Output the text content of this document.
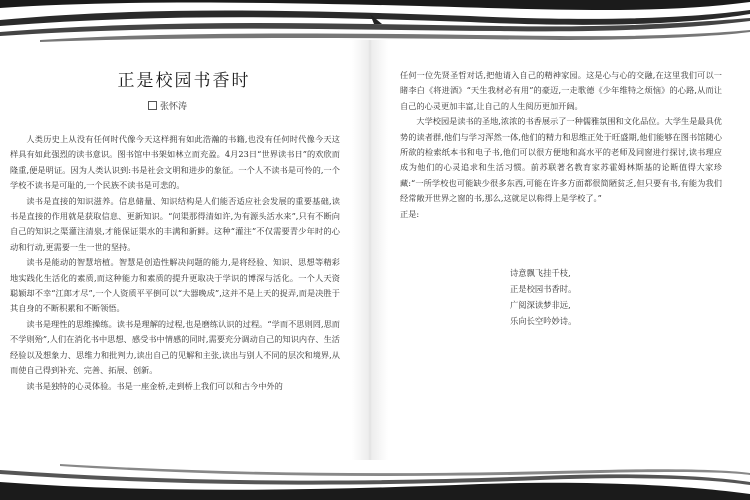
正是校园书香时
张怀涛

人类历史上从没有任何时代像今天这样拥有如此浩瀚的书籍,也没有任何时代像今天这样具有如此强烈的读书意识。图书馆中书架如林立而充盈。4月23日“世界读书日”的欢欣而隆重,便是明证。因为人类认识到:书是社会文明和进步的象征。一个人不读书是可怜的,一个学校不读书是可耻的,一个民族不读书是可悲的。

读书是直接的知识滋养。信息储量、知识结构是人们能否适应社会发展的重要基础,读书是直接的作用就是获取信息、更新知识。“问渠那得清如许,为有源头活水来”,只有不断向自己的知识之渠灌注清泉,才能保证渠水的丰满和新鲜。这种“灌注”不仅需要青少年时的心动和行动,更需要一生一世的坚持。

读书是能动的智慧培植。智慧是创造性解决问题的能力,是将经验、知识、思想等精彩地实践化生活化的素质,而这种能力和素质的提升更取决于学识的博深与活化。一个人天资聪颖却不幸“江郎才尽”,一个人资质平平倒可以“大器晚成”,这并不是上天的捉弄,而是决胜于其自身的不断积累和不断领悟。

读书是理性的思维操练。读书是理解的过程,也是磨练认识的过程。“学而不思则罔,思而不学则殆”,人们在消化书中思想、感受书中情感的同时,需要充分调动自己的知识内存、生活经验以及想象力、思维力和批判力,读出自己的见解和主张,读出与别人不同的层次和境界,从而使自己得到补充、完善、拓展、创新。

读书是独特的心灵体验。书是一座金桥,走到桥上我们可以和古今中外的

任何一位先贤圣哲对话,把他请入自己的精神家园。这是心与心的交融,在这里我们可以一睹李白《将进酒》“天生我材必有用”的豪迈,一走歌德《少年维特之烦恼》的心路,从而让自己的心灵更加丰富,让自己的人生阅历更加开阔。

大学校园是读书的圣地,浓浓的书香展示了一种儒雅氛围和文化品位。大学生是最具优势的读者群,他们与学习浑然一体,他们的精力和思维正处于旺盛期,他们能够在图书馆随心所欲的检索纸本书和电子书,他们可以很方便地和高水平的老师及同窗进行探讨,读书理应成为他们的心灵追求和生活习惯。前苏联著名教育家苏霍姆林斯基的论断值得大家珍藏:“一所学校也可能缺少很多东西,可能在许多方面都很简陋贫乏,但只要有书,有能为我们经常敞开世界之窗的书,那么,这就足以称得上是学校了。”

正是:

诗意飘飞挂千枝,
正是校园书香时。
广阅深读梦非远,
乐向长空吟妙诗。
